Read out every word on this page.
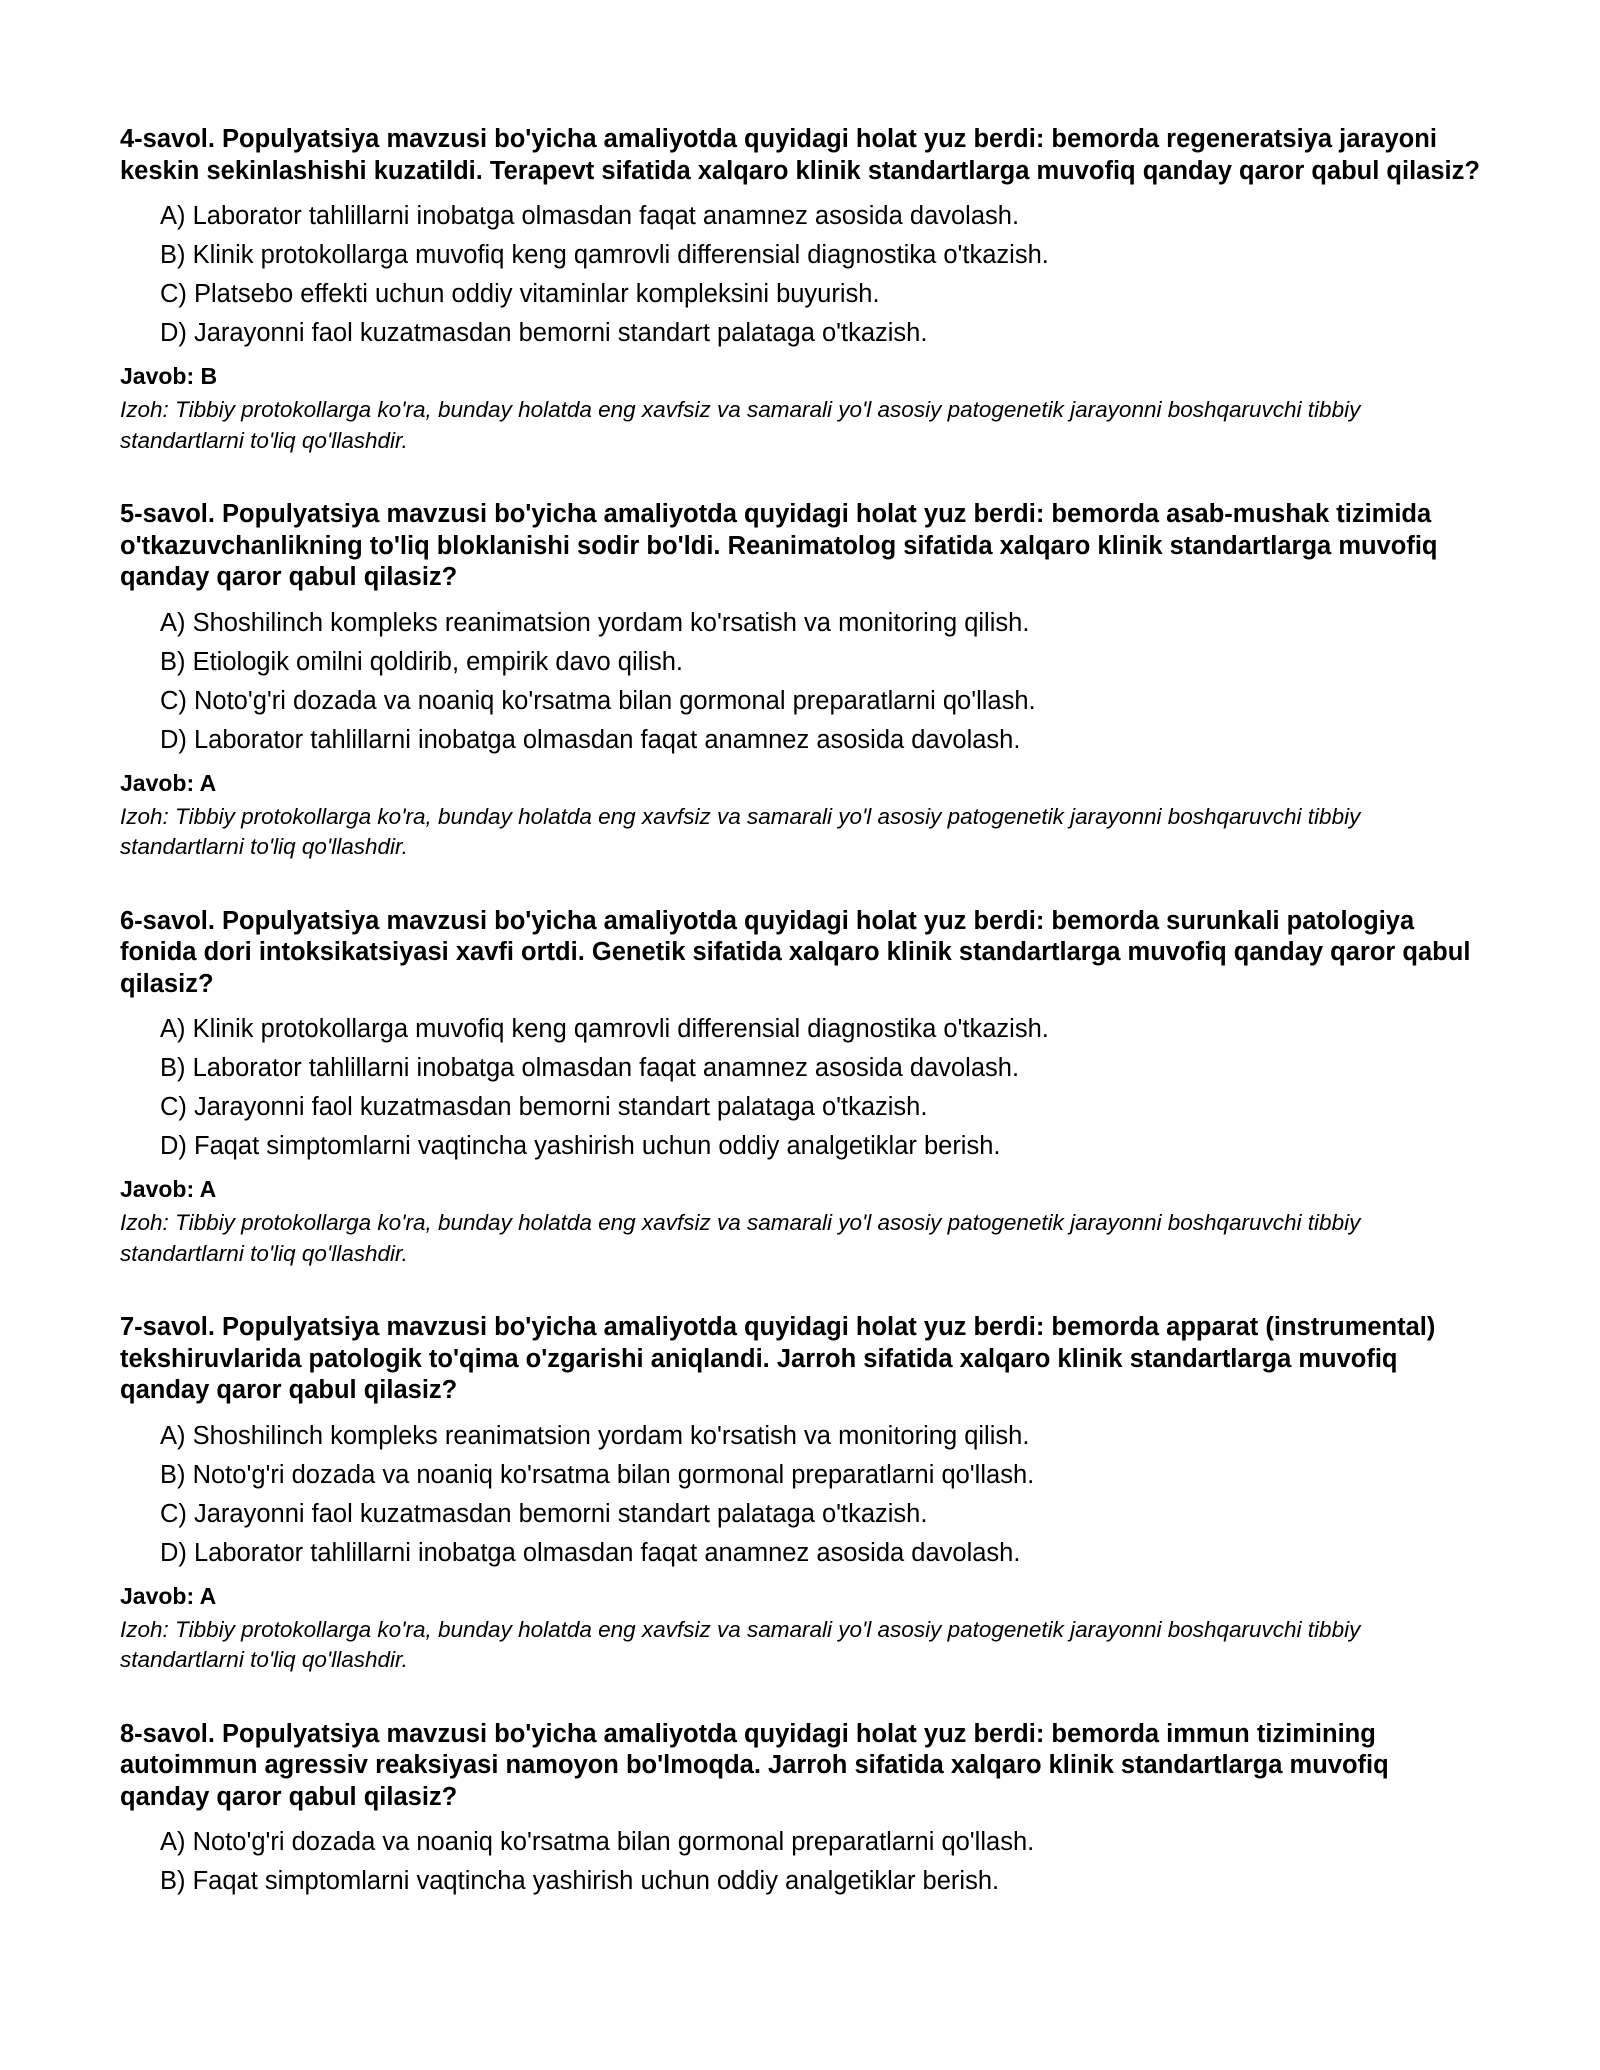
4-savol. Populyatsiya mavzusi bo'yicha amaliyotda quyidagi holat yuz berdi: bemorda regeneratsiya jarayoni keskin sekinlashishi kuzatildi. Terapevt sifatida xalqaro klinik standartlarga muvofiq qanday qaror qabul qilasiz?

A) Laborator tahlillarni inobatga olmasdan faqat anamnez asosida davolash.
B) Klinik protokollarga muvofiq keng qamrovli differensial diagnostika o'tkazish.
C) Platsebo effekti uchun oddiy vitaminlar kompleksini buyurish.
D) Jarayonni faol kuzatmasdan bemorni standart palataga o'tkazish.
Javob: B
Izoh: Tibbiy protokollarga ko'ra, bunday holatda eng xavfsiz va samarali yo'l asosiy patogenetik jarayonni boshqaruvchi tibbiy standartlarni to'liq qo'llashdir.

5-savol. Populyatsiya mavzusi bo'yicha amaliyotda quyidagi holat yuz berdi: bemorda asab-mushak tizimida o'tkazuvchanlikning to'liq bloklanishi sodir bo'ldi. Reanimatolog sifatida xalqaro klinik standartlarga muvofiq qanday qaror qabul qilasiz?

A) Shoshilinch kompleks reanimatsion yordam ko'rsatish va monitoring qilish.
B) Etiologik omilni qoldirib, empirik davo qilish.
C) Noto'g'ri dozada va noaniq ko'rsatma bilan gormonal preparatlarni qo'llash.
D) Laborator tahlillarni inobatga olmasdan faqat anamnez asosida davolash.
Javob: A
Izoh: Tibbiy protokollarga ko'ra, bunday holatda eng xavfsiz va samarali yo'l asosiy patogenetik jarayonni boshqaruvchi tibbiy standartlarni to'liq qo'llashdir.

6-savol. Populyatsiya mavzusi bo'yicha amaliyotda quyidagi holat yuz berdi: bemorda surunkali patologiya fonida dori intoksikatsiyasi xavfi ortdi. Genetik sifatida xalqaro klinik standartlarga muvofiq qanday qaror qabul qilasiz?

A) Klinik protokollarga muvofiq keng qamrovli differensial diagnostika o'tkazish.
B) Laborator tahlillarni inobatga olmasdan faqat anamnez asosida davolash.
C) Jarayonni faol kuzatmasdan bemorni standart palataga o'tkazish.
D) Faqat simptomlarni vaqtincha yashirish uchun oddiy analgetiklar berish.
Javob: A
Izoh: Tibbiy protokollarga ko'ra, bunday holatda eng xavfsiz va samarali yo'l asosiy patogenetik jarayonni boshqaruvchi tibbiy standartlarni to'liq qo'llashdir.

7-savol. Populyatsiya mavzusi bo'yicha amaliyotda quyidagi holat yuz berdi: bemorda apparat (instrumental) tekshiruvlarida patologik to'qima o'zgarishi aniqlandi. Jarroh sifatida xalqaro klinik standartlarga muvofiq qanday qaror qabul qilasiz?

A) Shoshilinch kompleks reanimatsion yordam ko'rsatish va monitoring qilish.
B) Noto'g'ri dozada va noaniq ko'rsatma bilan gormonal preparatlarni qo'llash.
C) Jarayonni faol kuzatmasdan bemorni standart palataga o'tkazish.
D) Laborator tahlillarni inobatga olmasdan faqat anamnez asosida davolash.
Javob: A
Izoh: Tibbiy protokollarga ko'ra, bunday holatda eng xavfsiz va samarali yo'l asosiy patogenetik jarayonni boshqaruvchi tibbiy standartlarni to'liq qo'llashdir.

8-savol. Populyatsiya mavzusi bo'yicha amaliyotda quyidagi holat yuz berdi: bemorda immun tizimining autoimmun agressiv reaksiyasi namoyon bo'lmoqda. Jarroh sifatida xalqaro klinik standartlarga muvofiq qanday qaror qabul qilasiz?

A) Noto'g'ri dozada va noaniq ko'rsatma bilan gormonal preparatlarni qo'llash.
B) Faqat simptomlarni vaqtincha yashirish uchun oddiy analgetiklar berish.
